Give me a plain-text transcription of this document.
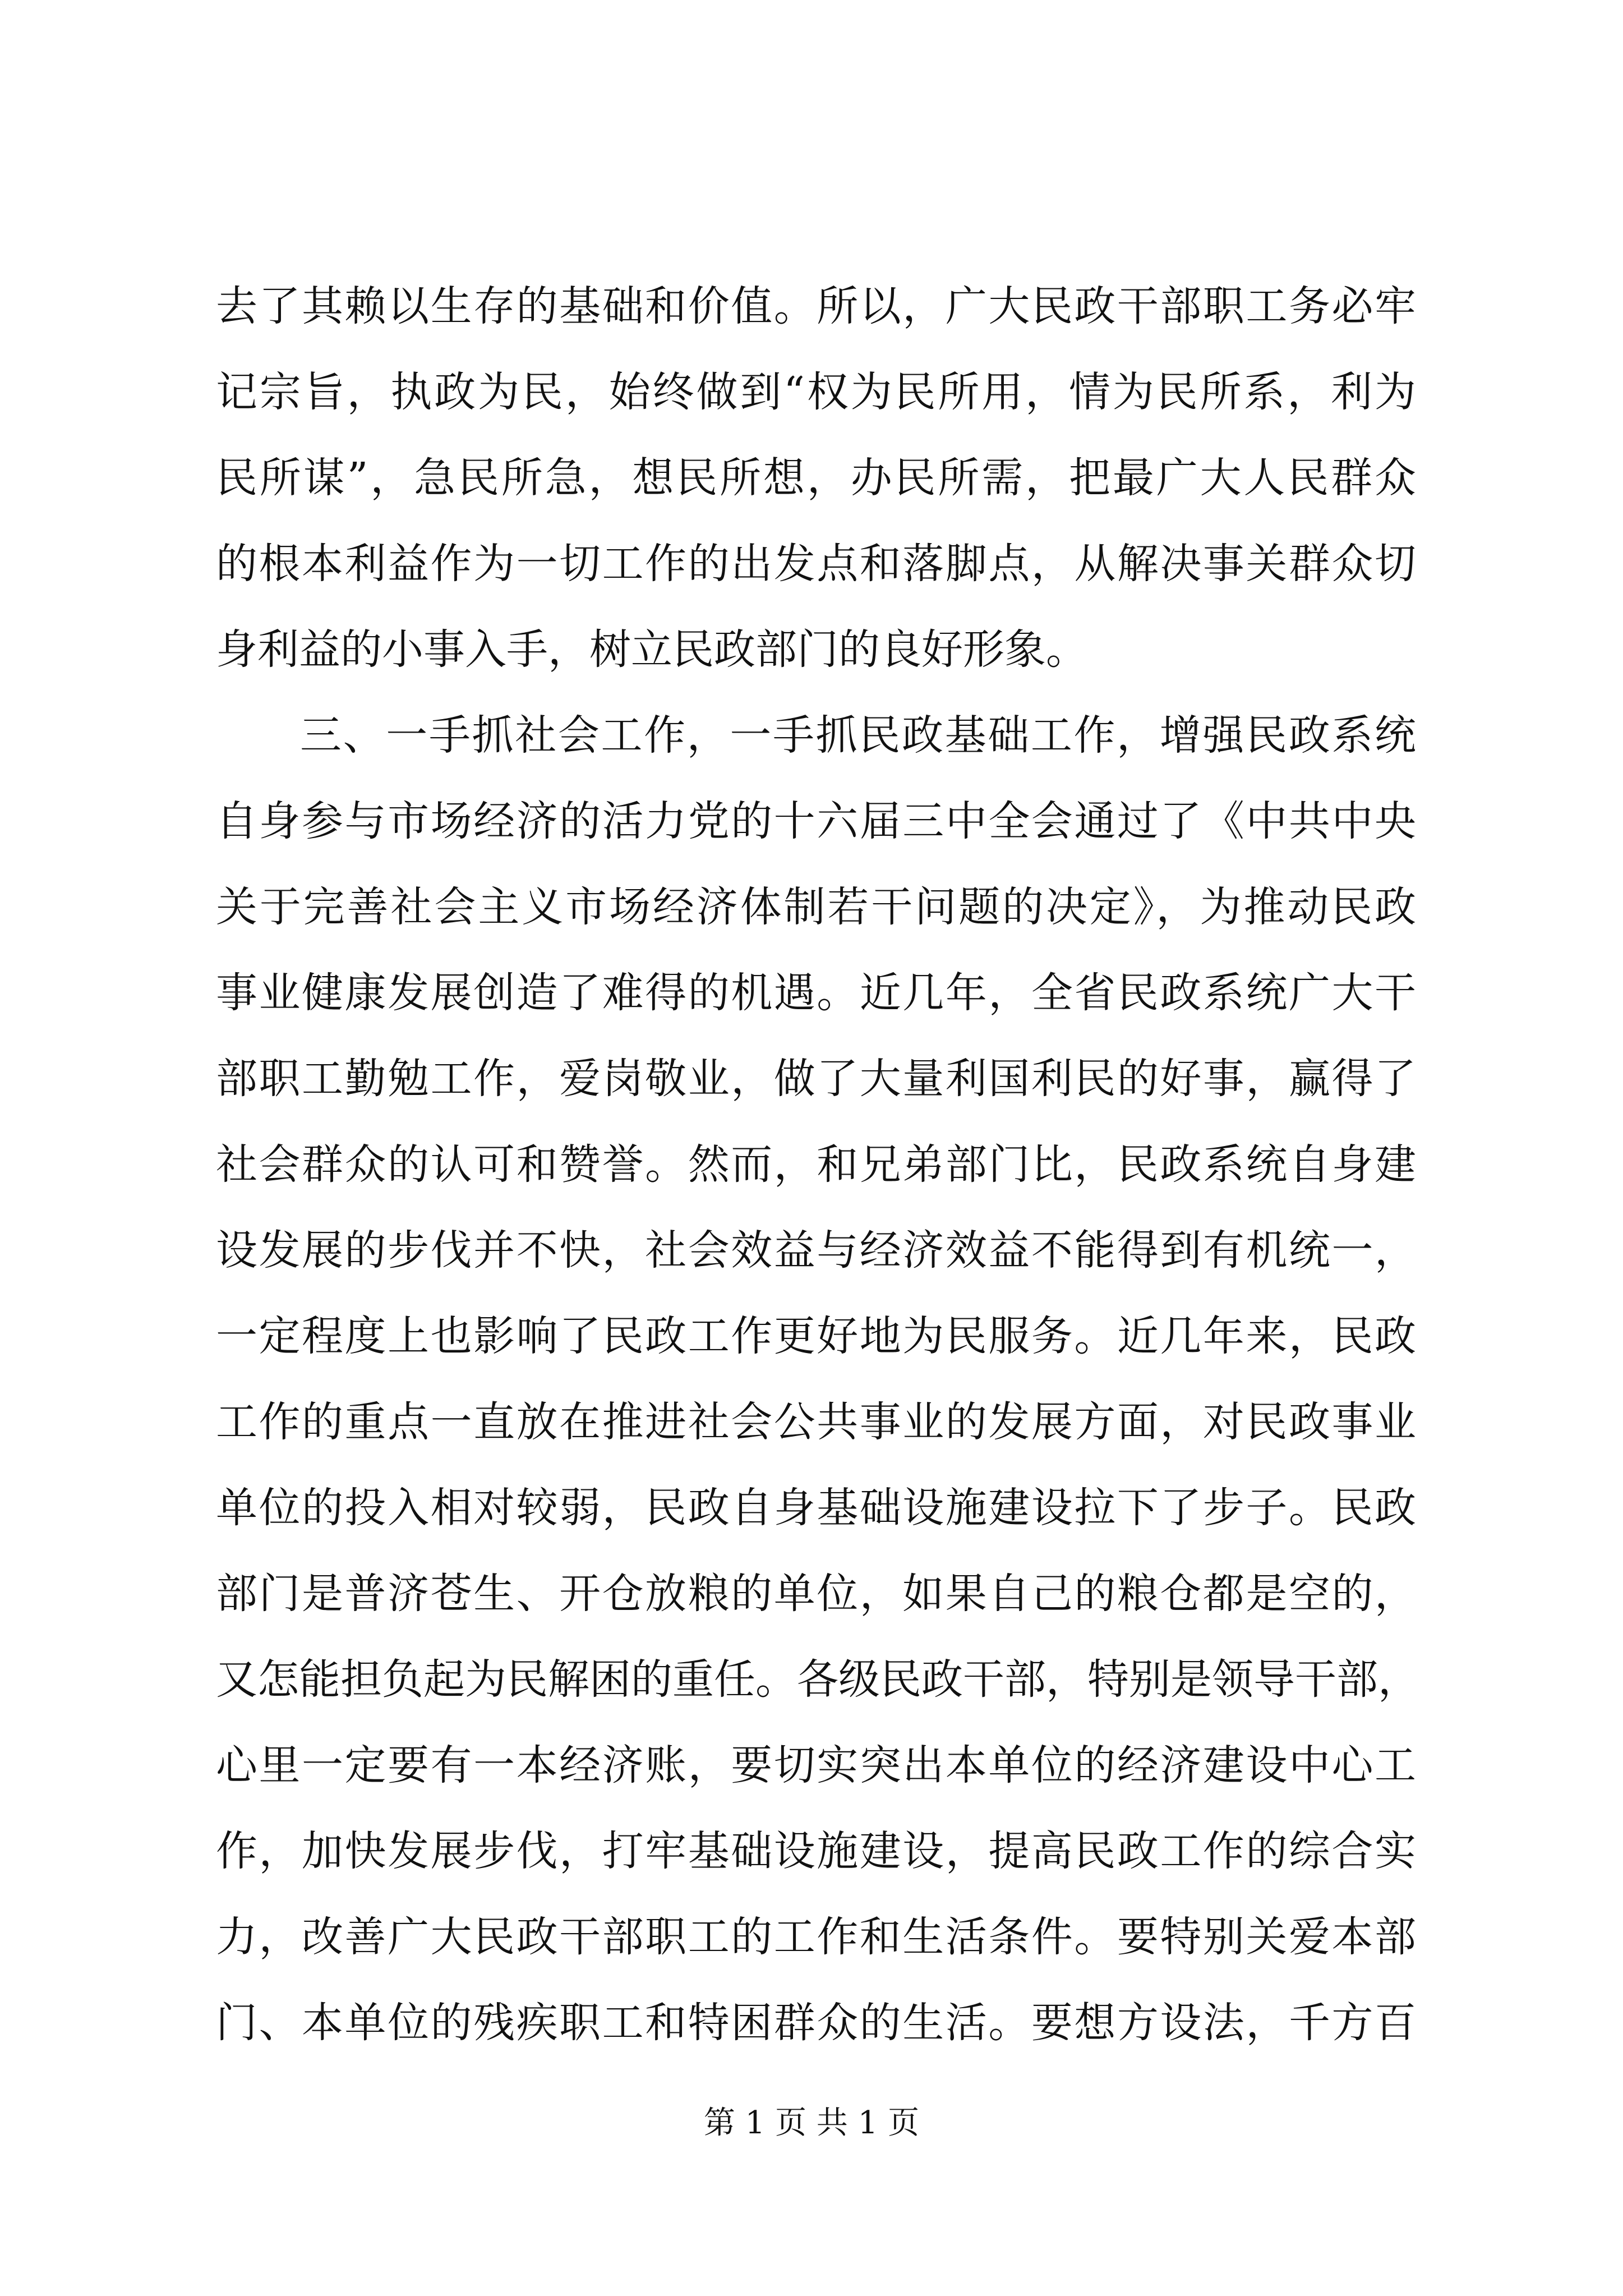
去了其赖以生存的基础和价值。所以，广大民政干部职工务必牢
记宗旨，执政为民，始终做到“权为民所用，情为民所系，利为
民所谋”，急民所急，想民所想，办民所需，把最广大人民群众
的根本利益作为一切工作的出发点和落脚点，从解决事关群众切
身利益的小事入手，树立民政部门的良好形象。
三、一手抓社会工作，一手抓民政基础工作，增强民政系统
自身参与市场经济的活力党的十六届三中全会通过了《中共中央
关于完善社会主义市场经济体制若干问题的决定》，为推动民政
事业健康发展创造了难得的机遇。近几年，全省民政系统广大干
部职工勤勉工作，爱岗敬业，做了大量利国利民的好事，赢得了
社会群众的认可和赞誉。然而，和兄弟部门比，民政系统自身建
设发展的步伐并不快，社会效益与经济效益不能得到有机统一，
一定程度上也影响了民政工作更好地为民服务。近几年来，民政
工作的重点一直放在推进社会公共事业的发展方面，对民政事业
单位的投入相对较弱，民政自身基础设施建设拉下了步子。民政
部门是普济苍生、开仓放粮的单位，如果自己的粮仓都是空的，
又怎能担负起为民解困的重任。各级民政干部，特别是领导干部，
心里一定要有一本经济账，要切实突出本单位的经济建设中心工
作，加快发展步伐，打牢基础设施建设，提高民政工作的综合实
力，改善广大民政干部职工的工作和生活条件。要特别关爱本部
门、本单位的残疾职工和特困群众的生活。要想方设法，千方百
第 1 页 共 1 页
